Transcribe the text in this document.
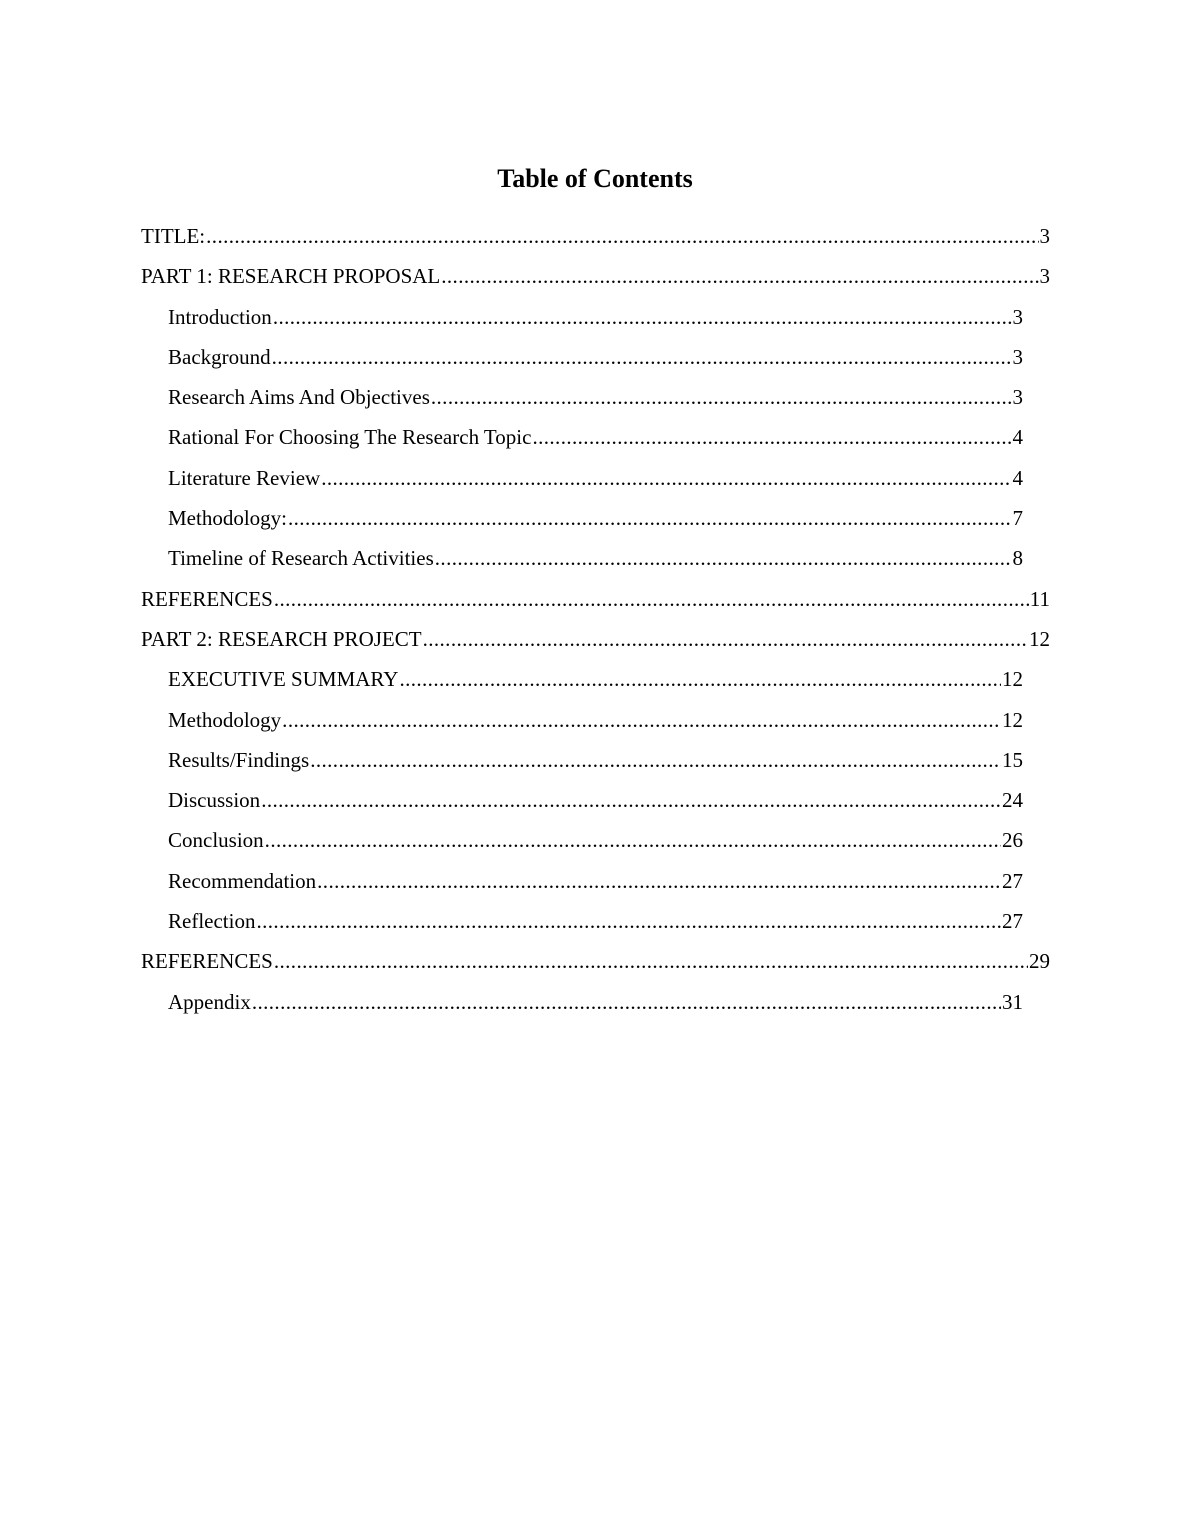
Table of Contents
TITLE: .....	3
PART 1: RESEARCH PROPOSAL .....	3
Introduction .....	3
Background .....	3
Research Aims And Objectives .....	3
Rational For Choosing The Research Topic .....	4
Literature Review .....	4
Methodology: .....	7
Timeline of Research Activities .....	8
REFERENCES .....	11
PART 2: RESEARCH PROJECT .....	12
EXECUTIVE SUMMARY .....	12
Methodology .....	12
Results/Findings .....	15
Discussion .....	24
Conclusion .....	26
Recommendation .....	27
Reflection .....	27
REFERENCES .....	29
Appendix .....	31
